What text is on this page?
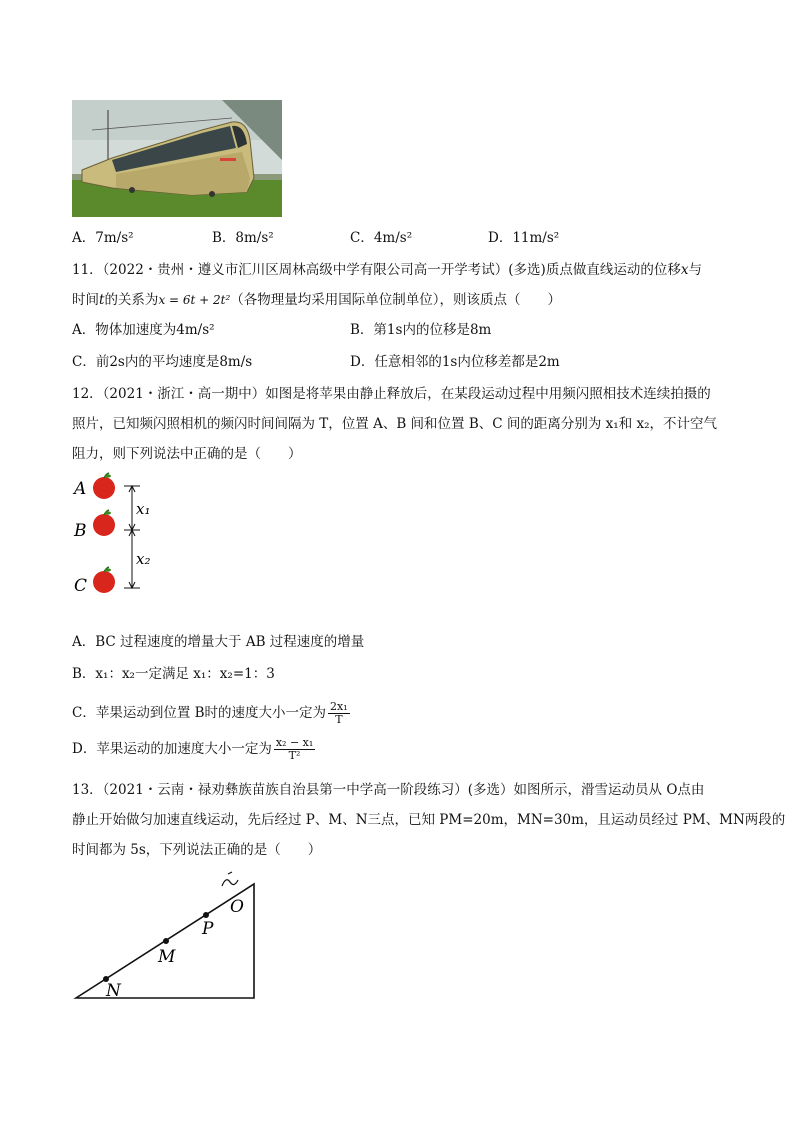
A．7m/s²	B．8m/s²	C．4m/s²	D．11m/s²
11．（2022・贵州・遵义市汇川区周林高级中学有限公司高一开学考试）(多选)质点做直线运动的位移x与
时间t的关系为x = 6t + 2t²（各物理量均采用国际单位制单位），则该质点（　　）
A．物体加速度为4m/s²	B．第1s内的位移是8m
C．前2s内的平均速度是8m/s	D．任意相邻的1s内位移差都是2m
12．（2021・浙江・高一期中）如图是将苹果由静止释放后，在某段运动过程中用频闪照相技术连续拍摄的
照片，已知频闪照相机的频闪时间间隔为 T，位置 A、B 间和位置 B、C 间的距离分别为 x₁和 x₂，不计空气
阻力，则下列说法中正确的是（　　）
A
B
C
x₁
x₂
A．BC 过程速度的增量大于 AB 过程速度的增量
B．x₁：x₂一定满足 x₁：x₂=1：3
C．苹果运动到位置 B时的速度大小一定为 $\frac{\text{2x₁}}{T}$
D．苹果运动的加速度大小一定为 $\frac{\text{x₂ − x₁}}{\text{T²}}$
13．（2021・云南・禄劝彝族苗族自治县第一中学高一阶段练习）(多选）如图所示，滑雪运动员从 O点由
静止开始做匀加速直线运动，先后经过 P、M、N三点，已知 PM=20m，MN=30m，且运动员经过 PM、MN两段的
时间都为 5s，下列说法正确的是（　　）
O
P
M
N
